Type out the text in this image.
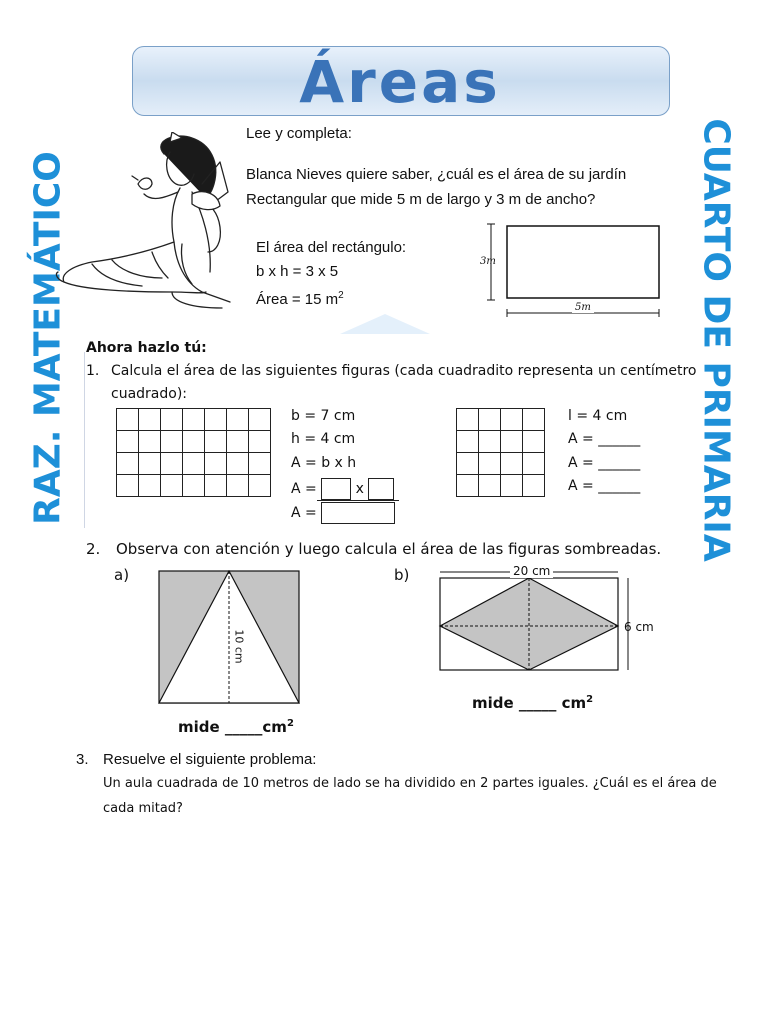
Áreas
RAZ. MATEMÁTICO	CUARTO DE PRIMARIA
Lee y completa:
Blanca Nieves quiere saber, ¿cuál es el área de su jardín
Rectangular que mide 5 m de largo y 3 m de ancho?
El área del rectángulo:
b x h = 3 x 5
Área = 15 $m^2$
3m
5m
Ahora hazlo tú:
1. Calcula el área de las siguientes figuras (cada cuadradito representa un centímetro
cuadrado):

b = 7 cm
h = 4 cm
A = b x h
A =	x
A =

l = 4 cm
A = ______
A = ______
A = ______
2. Observa con atención y luego calcula el área de las figuras sombreadas.
a)	b)
10 cm
mide $\_\_\_\_\_cm^2$
20 cm
6 cm
mide _____ $cm^2$
3. Resuelve el siguiente problema:
Un aula cuadrada de 10 metros de lado se ha dividido en 2 partes iguales. ¿Cuál es el área de
cada mitad?
